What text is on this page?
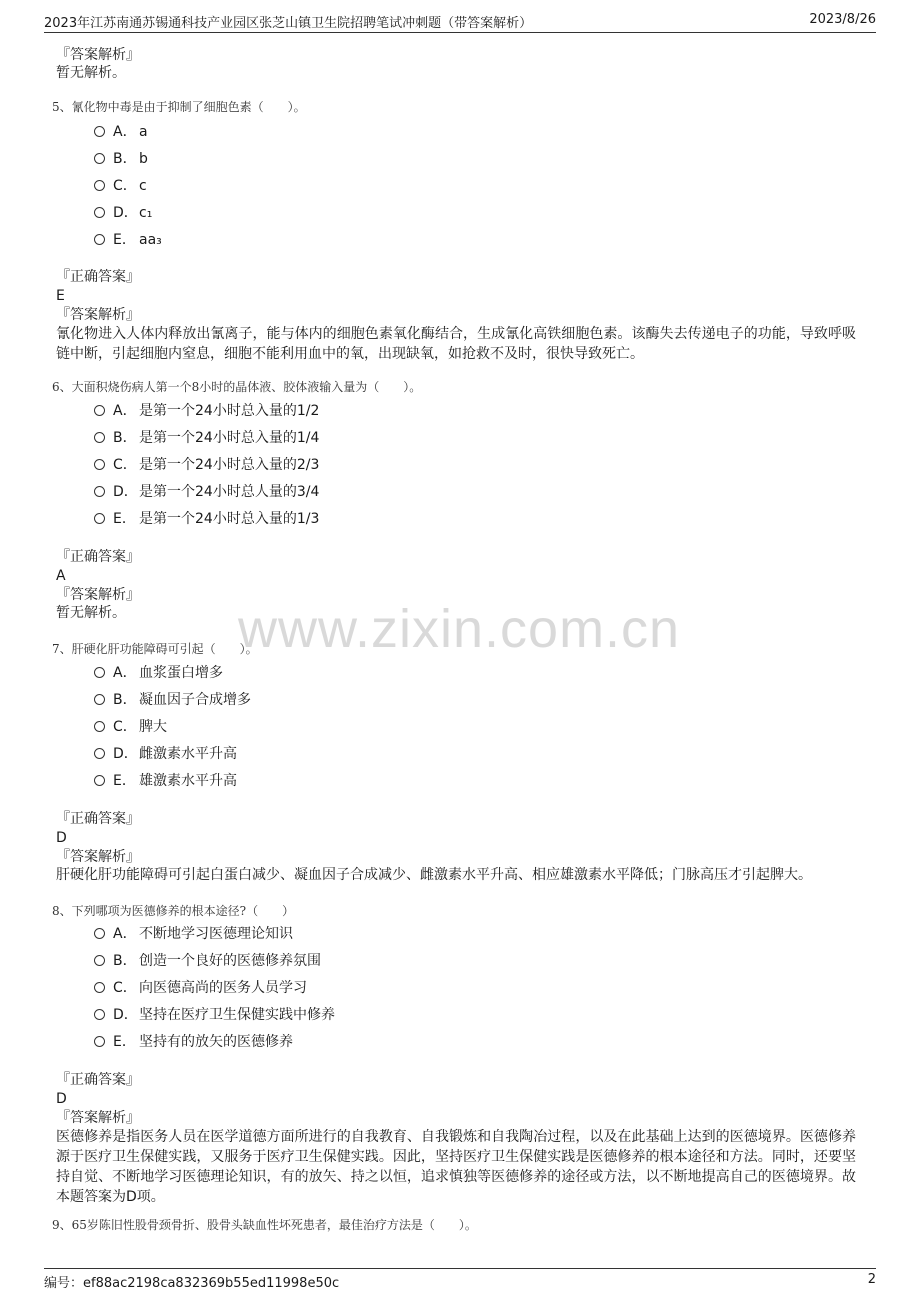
2023年江苏南通苏锡通科技产业园区张芝山镇卫生院招聘笔试冲刺题（带答案解析）	2023/8/26
www.zixin.com.cn
『答案解析』
暂无解析。
5、氰化物中毒是由于抑制了细胞色素（　　）。
A． a
B． b
C． c
D．c₁
E． aa₃
『正确答案』
E
『答案解析』
氰化物进入人体内释放出氰离子，能与体内的细胞色素氧化酶结合，生成氰化高铁细胞色素。该酶失去传递电子的功能，导致呼吸链中断，引起细胞内窒息，细胞不能利用血中的氧，出现缺氧，如抢救不及时，很快导致死亡。
6、大面积烧伤病人第一个8小时的晶体液、胶体液输入量为（　　）。
A． 是第一个24小时总入量的1/2
B． 是第一个24小时总入量的1/4
C． 是第一个24小时总入量的2/3
D．是第一个24小时总人量的3/4
E． 是第一个24小时总入量的1/3
『正确答案』
A
『答案解析』
暂无解析。
7、肝硬化肝功能障碍可引起（　　）。
A． 血浆蛋白增多
B． 凝血因子合成增多
C． 脾大
D．雌激素水平升高
E． 雄激素水平升高
『正确答案』
D
『答案解析』
肝硬化肝功能障碍可引起白蛋白减少、凝血因子合成减少、雌激素水平升高、相应雄激素水平降低；门脉高压才引起脾大。
8、下列哪项为医德修养的根本途径?（　　）
A． 不断地学习医德理论知识
B． 创造一个良好的医德修养氛围
C． 向医德高尚的医务人员学习
D．坚持在医疗卫生保健实践中修养
E． 坚持有的放矢的医德修养
『正确答案』
D
『答案解析』
医德修养是指医务人员在医学道德方面所进行的自我教育、自我锻炼和自我陶冶过程，以及在此基础上达到的医德境界。医德修养源于医疗卫生保健实践，又服务于医疗卫生保健实践。因此，坚持医疗卫生保健实践是医德修养的根本途径和方法。同时，还要坚持自觉、不断地学习医德理论知识，有的放矢、持之以恒，追求慎独等医德修养的途径或方法，以不断地提高自己的医德境界。故本题答案为D项。
9、65岁陈旧性股骨颈骨折、股骨头缺血性坏死患者，最佳治疗方法是（　　）。
编号：ef88ac2198ca832369b55ed11998e50c	2
